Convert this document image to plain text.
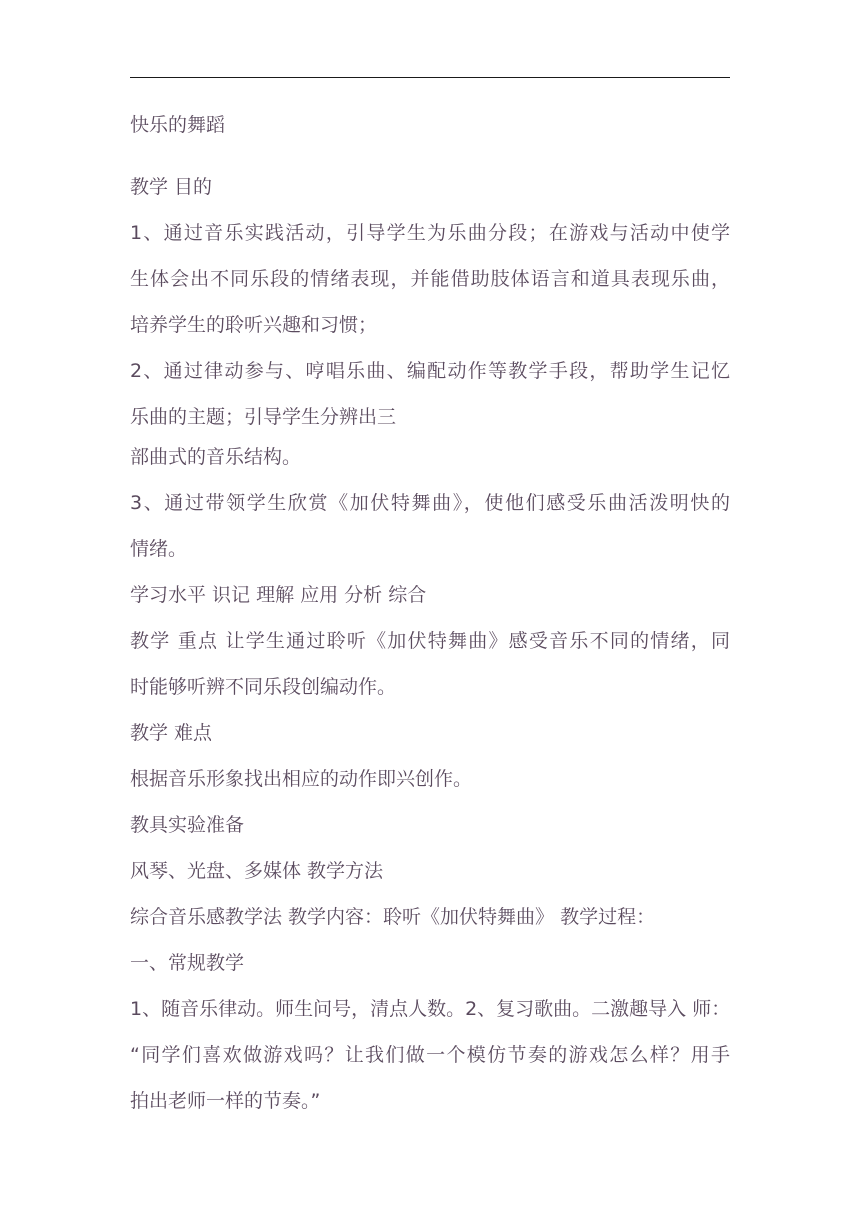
快乐的舞蹈
教学 目的
1、通过音乐实践活动，引导学生为乐曲分段；在游戏与活动中使学
生体会出不同乐段的情绪表现，并能借助肢体语言和道具表现乐曲，
培养学生的聆听兴趣和习惯；
2、通过律动参与、哼唱乐曲、编配动作等教学手段，帮助学生记忆
乐曲的主题；引导学生分辨出三
部曲式的音乐结构。
3、通过带领学生欣赏《加伏特舞曲》，使他们感受乐曲活泼明快的
情绪。
学习水平 识记 理解 应用 分析 综合
教学 重点 让学生通过聆听《加伏特舞曲》感受音乐不同的情绪，同
时能够听辨不同乐段创编动作。
教学 难点
根据音乐形象找出相应的动作即兴创作。
教具实验准备
风琴、光盘、多媒体 教学方法
综合音乐感教学法 教学内容：聆听《加伏特舞曲》 教学过程：
一、常规教学
1、随音乐律动。师生问号，清点人数。2、复习歌曲。二激趣导入 师：
“同学们喜欢做游戏吗？让我们做一个模仿节奏的游戏怎么样？用手
拍出老师一样的节奏。”
